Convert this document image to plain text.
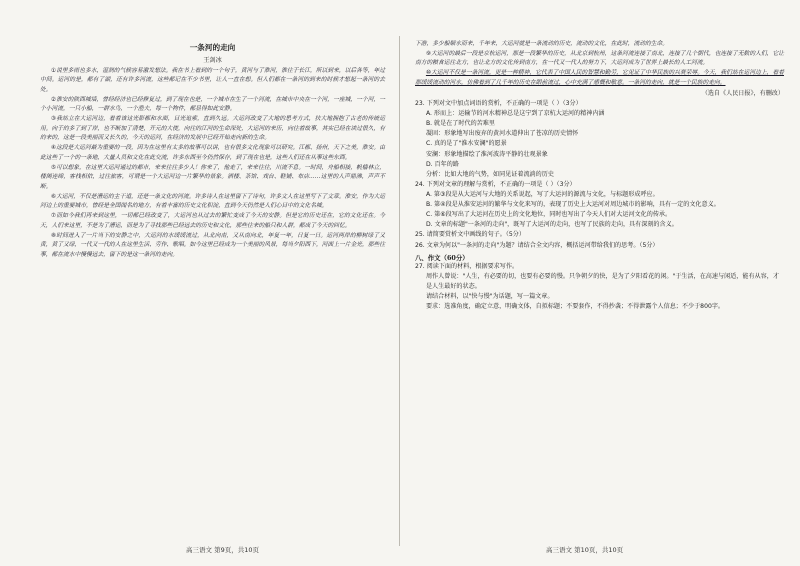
一条河的走向
王剑冰
①说里多雨也多水，湿润的气候容易激发想法。我在书上看到的一个句子，黄河与了淮河，淮往于长江，所以到来，以后各等，年过中间。运河的是，都有了湖，还有许多河流，这些都记在不少书里，让人一直在想。但人们都在一条河的到来的时候才想起一条河的去处。
②淮安的陕西城墙，曾经经济也已经修复过，到了现在也是，一个城市在生了一个河流，在城市中央在一个河，一座城，一个河，一个小河流，一只小船，一群水鸟，一个渔夫，每一个物件，都显得如此安静。
③我站立在大运河边，看着该这光影都和水面，目光追索，直到久远。大运河改变了大地的思考方式，扶大地拥抱了古老的传统运用。向于的多了到了岸，也不断加了清楚，开元的大使，向往的江河的生命深处，大运河的来历，向往着故事，其实已经在读过很久，有的来的，这是一段美丽而又长久的，今天的运河，在经济的发展中已经开始走向新的生命。
④这段是大运河最为重要的一段，因为在这里有太多的故事可以讲，也有很多文化现象可以研究。江都、扬州，天下之美，淮安。由此这些了一个的一条地，大量人员和文化在此交流，许多东西至今仍然保存，到了现在也是，这些人们还在从事这些东西。
⑤可以想象，在这里大运河通过的都市，来来往往多少人！你来了，他走了，来来往往，川流不息。一时间，舟船相接，帆樯林立，楼阁连绵，客栈相依，过往旅客，可谓是一个大运河边一片繁华的景象。酒楼、茶馆、戏台、鞋铺、布店……这里的人声鼎沸，声声不断。
⑥大运河，不仅是漕运的主干道，还是一条文化的河流。许多诗人在这里留下了诗句，许多文人在这里写下了文章。淮安，作为大运河边上的重要城市，曾经是全国闻名的地方，有着丰富的历史文化积淀，直到今天仍然是人们心目中的文化名城。
⑦而如今我们再来到这里，一切都已经改变了，大运河也从过去的繁忙变成了今天的安静。但是它的历史还在，它的文化还在。今天，人们来这里，不是为了漕运，而是为了寻找那些已经远去的历史和文化，那些往来的船只和人群，都成了今天的回忆。
⑧时间进入了一片当下的安静之中，大运河的水缓缓流过，从北向南，又从南向北，年复一年，日复一日。运河两岸的柳树绿了又黄，黄了又绿，一代又一代的人在这里生活、劳作、歌唱。如今这里已经成为一个美丽的风景，每当夕阳西下，河面上一片金光，那些往事，都在流水中慢慢远去，留下的是这一条河的走向。
下游，多少船顺水而来，千年来，大运河就是一条流动的历史，流动的文化，在此时，流动的生命。
⑨大运河的最后一段是京杭运河，那是一段繁华的历史，从北京到杭州，这条河流连接了南北，连接了几个朝代，也连接了无数的人们，它让南方的粮食运往北方，也让北方的文化传到南方，在一代又一代人的努力下，大运河成为了世界上最长的人工河流。
⑩大运河不仅是一条河流，更是一种精神，它代表了中国人民的智慧和勤劳，它见证了中华民族的兴衰荣辱。今天，我们站在运河边上，看着那缓缓流动的河水，仿佛看到了几千年的历史在眼前流过，心中充满了感慨和敬意。一条河的走向，就是一个民族的走向。
（选自《人民日报》，有删改）
23. 下列对文中加点词语的赏析，不正确的一项是（ ）（3分）
A. 形而上：运输节的河水精神总是这宁到了京杭大运河的精神内涵
B. 就是在了时代的苦难里
凝固：形象地写出废弃的黄河水道伸出了苍凉的历史情怀
C. 真的是了"淮水安澜"的愿景
安澜：形象地描绘了淮河波涛平静的壮观景象
D. 百年的路
分析：比如大地的气势，如同见证着流淌的历史
24. 下列对文章的理解与赏析，不正确的一项是（ ）（3分）
A. 第③段是从大运河与大地的关系说起，写了大运河的源流与文化，与标题形成呼应。
B. 第④段是从淮安运河的繁华与文化来写的，表现了历史上大运河对周边城市的影响，具有一定的文化意义。
C. 第⑥段写出了大运河在历史上的文化地位，同时也写出了今天人们对大运河文化的传承。
D. 文章的标题"一条河的走向"，既写了大运河的走向，也写了民族的走向，具有深刻的含义。
25. 请简要赏析文中画线的句子。（5分）
26. 文章为何以"一条河的走向"为题？请结合全文内容，概括运河带给我们的思考。（5分）
八、作文（60分）
27. 阅读下面的材料，根据要求写作。
周作人曾说："人生，有必要的切，也要有必要的慢。只争朝夕的快，是为了夕阳看花的闲。"于生活，在高速与闲适，能有从容，才是人生最好的状态。
请结合材料，以"快与慢"为话题，写一篇文章。
要求：选准角度，确定立意，明确文体，自拟标题；不要套作，不得抄袭；不得泄露个人信息；不少于800字。
高三语文 第9页，共10页	高三语文 第10页，共10页
